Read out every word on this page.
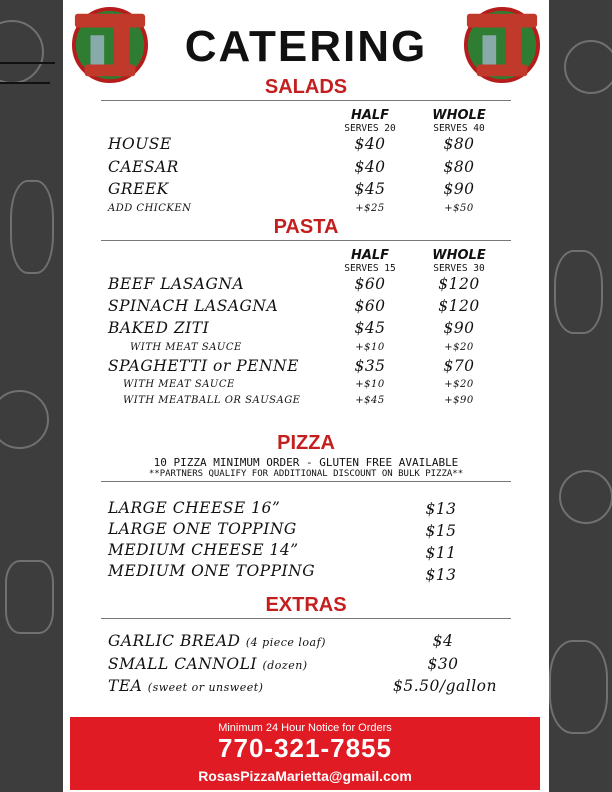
CATERING
SALADS
HALF
SERVES 20
WHOLE
SERVES 40
HOUSE	$40	$80
CAESAR	$40	$80
GREEK	$45	$90
ADD CHICKEN	+$25	+$50
PASTA
HALF
SERVES 15
WHOLE
SERVES 30
BEEF LASAGNA	$60	$120
SPINACH LASAGNA	$60	$120
BAKED ZITI	$45	$90
WITH MEAT SAUCE	+$10	+$20
SPAGHETTI or PENNE	$35	$70
WITH MEAT SAUCE	+$10	+$20
WITH MEATBALL OR SAUSAGE	+$45	+$90
PIZZA
10 PIZZA MINIMUM ORDER - GLUTEN FREE AVAILABLE
**PARTNERS QUALIFY FOR ADDITIONAL DISCOUNT ON BULK PIZZA**
LARGE CHEESE 16”	$13
LARGE ONE TOPPING	$15
MEDIUM CHEESE 14”	$11
MEDIUM ONE TOPPING	$13
EXTRAS
GARLIC BREAD (4 piece loaf)	$4
SMALL CANNOLI (dozen)	$30
TEA (sweet or unsweet)	$5.50/gallon
Minimum 24 Hour Notice for Orders
770-321-7855
RosasPizzaMarietta@gmail.com
